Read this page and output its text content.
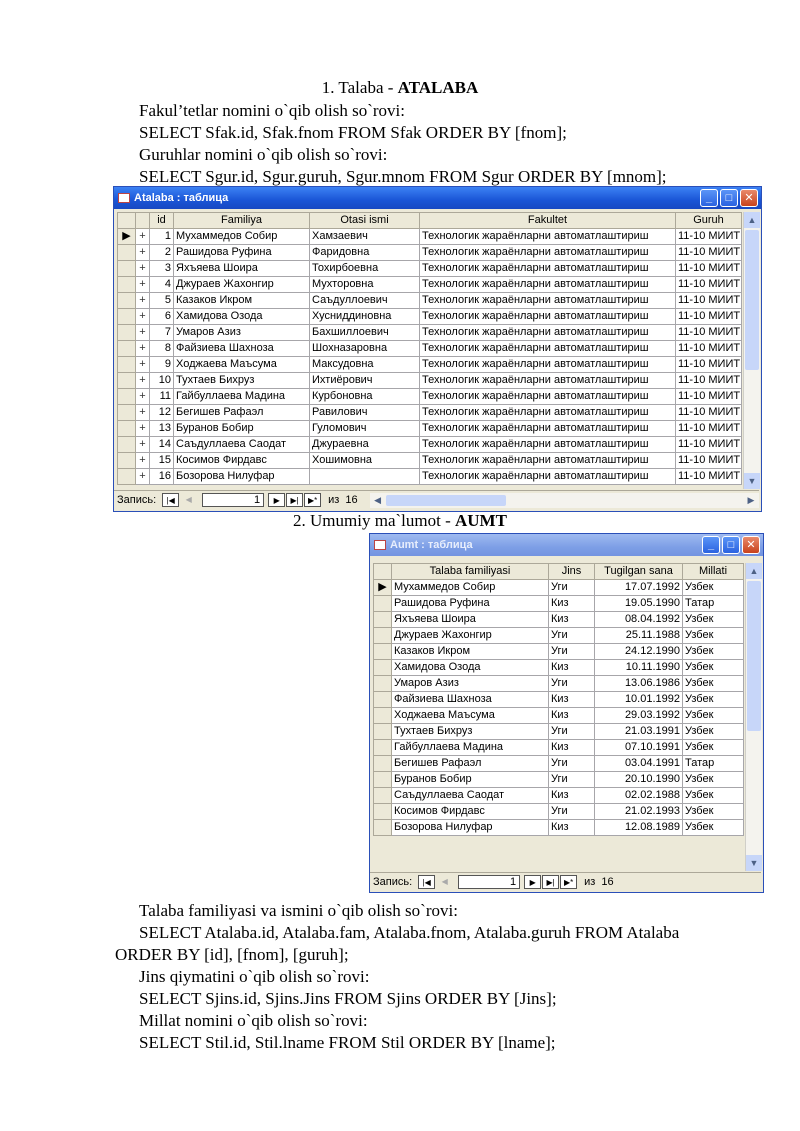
1. Talaba - ATALABA
Fakul’tetlar nomini o`qib olish so`rovi:
SELECT Sfak.id, Sfak.fnom FROM Sfak ORDER BY [fnom];
Guruhlar nomini o`qib olish so`rovi:
SELECT Sgur.id, Sgur.guruh, Sgur.mnom FROM Sgur ORDER BY [mnom];
Atalaba : таблица	_	□	✕
		id	Familiya	Otasi ismi	Fakultet	Guruh
▶	+	1	Мухаммедов Собир	Хамзаевич	Технологик жараёнларни автоматлаштириш	11-10 МИИТ
	+	2	Рашидова Руфина	Фаридовна	Технологик жараёнларни автоматлаштириш	11-10 МИИТ
	+	3	Яхъяева Шоира	Тохирбоевна	Технологик жараёнларни автоматлаштириш	11-10 МИИТ
	+	4	Джураев Жахонгир	Мухторовна	Технологик жараёнларни автоматлаштириш	11-10 МИИТ
	+	5	Казаков Икром	Саъдуллоевич	Технологик жараёнларни автоматлаштириш	11-10 МИИТ
	+	6	Хамидова Озода	Хусниддиновна	Технологик жараёнларни автоматлаштириш	11-10 МИИТ
	+	7	Умаров Азиз	Бахшиллоевич	Технологик жараёнларни автоматлаштириш	11-10 МИИТ
	+	8	Файзиева Шахноза	Шохназаровна	Технологик жараёнларни автоматлаштириш	11-10 МИИТ
	+	9	Ходжаева Маъсума	Максудовна	Технологик жараёнларни автоматлаштириш	11-10 МИИТ
	+	10	Тухтаев Бихруз	Ихтиёрович	Технологик жараёнларни автоматлаштириш	11-10 МИИТ
	+	11	Гайбуллаева Мадина	Курбоновна	Технологик жараёнларни автоматлаштириш	11-10 МИИТ
	+	12	Бегишев Рафаэл	Равилович	Технологик жараёнларни автоматлаштириш	11-10 МИИТ
	+	13	Буранов Бобир	Гуломович	Технологик жараёнларни автоматлаштириш	11-10 МИИТ
	+	14	Саъдуллаева Саодат	Джураевна	Технологик жараёнларни автоматлаштириш	11-10 МИИТ
	+	15	Косимов Фирдавс	Хошимовна	Технологик жараёнларни автоматлаштириш	11-10 МИИТ
	+	16	Бозорова Нилуфар		Технологик жараёнларни автоматлаштириш	11-10 МИИТ
▲
▼
Запись:	|◀	◀	1	▶	▶|	▶* из 16	◀	▶
2. Umumiy ma`lumot - AUMT
Aumt : таблица	_	□	✕
	Talaba familiyasi	Jins	Tugilgan sana	Millati
▶	Мухаммедов Собир	Уги	17.07.1992	Узбек
	Рашидова Руфина	Киз	19.05.1990	Татар
	Яхъяева Шоира	Киз	08.04.1992	Узбек
	Джураев Жахонгир	Уги	25.11.1988	Узбек
	Казаков Икром	Уги	24.12.1990	Узбек
	Хамидова Озода	Киз	10.11.1990	Узбек
	Умаров Азиз	Уги	13.06.1986	Узбек
	Файзиева Шахноза	Киз	10.01.1992	Узбек
	Ходжаева Маъсума	Киз	29.03.1992	Узбек
	Тухтаев Бихруз	Уги	21.03.1991	Узбек
	Гайбуллаева Мадина	Киз	07.10.1991	Узбек
	Бегишев Рафаэл	Уги	03.04.1991	Татар
	Буранов Бобир	Уги	20.10.1990	Узбек
	Саъдуллаева Саодат	Киз	02.02.1988	Узбек
	Косимов Фирдавс	Уги	21.02.1993	Узбек
	Бозорова Нилуфар	Киз	12.08.1989	Узбек
▲
▼
Запись:	|◀	◀	1	▶	▶|	▶* из 16
Talaba familiyasi va ismini o`qib olish so`rovi:
SELECT Atalaba.id, Atalaba.fam, Atalaba.fnom, Atalaba.guruh FROM Atalaba
ORDER BY [id], [fnom], [guruh];
Jins qiymatini o`qib olish so`rovi:
SELECT Sjins.id, Sjins.Jins FROM Sjins ORDER BY [Jins];
Millat nomini o`qib olish so`rovi:
SELECT Stil.id, Stil.lname FROM Stil ORDER BY [lname];
